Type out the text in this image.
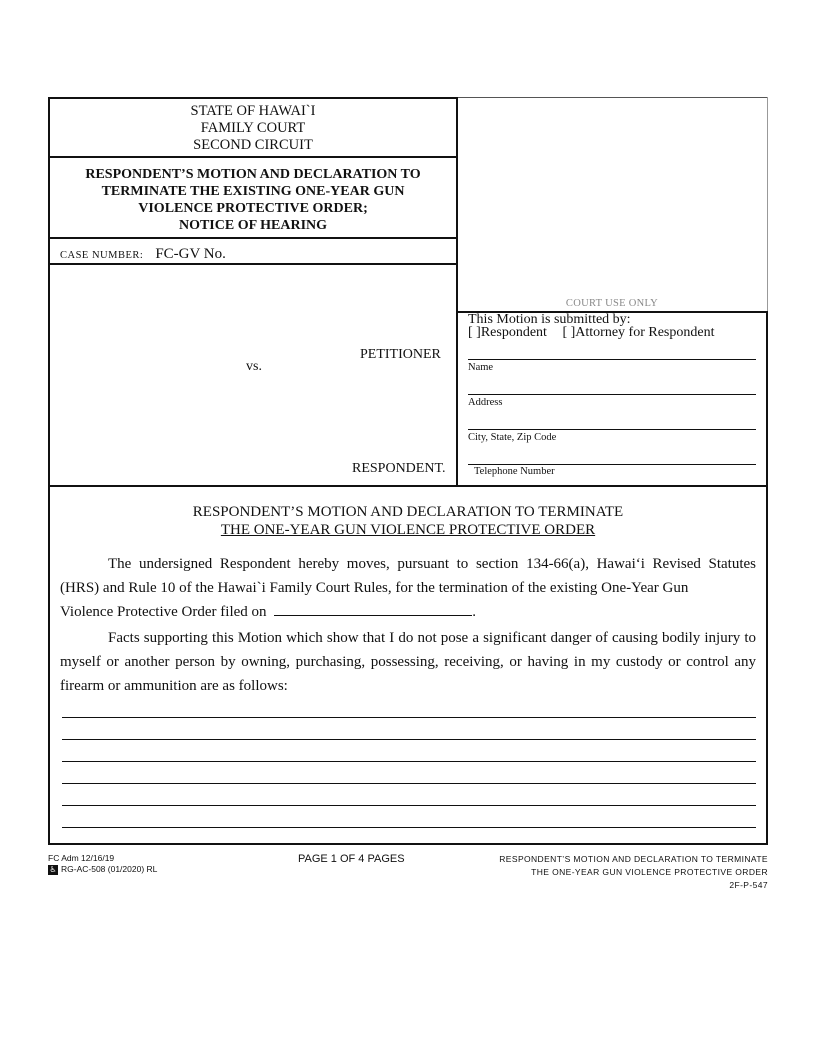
STATE OF HAWAI`I
FAMILY COURT
SECOND CIRCUIT
RESPONDENT’S MOTION AND DECLARATION TO
TERMINATE THE EXISTING ONE-YEAR GUN
VIOLENCE PROTECTIVE ORDER;
NOTICE OF HEARING
CASE NUMBER: FC-GV No.
PETITIONER
vs.
RESPONDENT.
COURT USE ONLY
This Motion is submitted by:
[ ]Respondent [ ]Attorney for Respondent
Name
Address
City, State, Zip Code
Telephone Number
RESPONDENT’S MOTION AND DECLARATION TO TERMINATE
THE ONE-YEAR GUN VIOLENCE PROTECTIVE ORDER
The undersigned Respondent hereby moves, pursuant to section 134-66(a), Hawai‘i Revised Statutes (HRS) and Rule 10 of the Hawai`i Family Court Rules, for the termination of the existing One-Year Gun
Violence Protective Order filed on	.
Facts supporting this Motion which show that I do not pose a significant danger of causing bodily injury to myself or another person by owning, purchasing, possessing, receiving, or having in my custody or control any firearm or ammunition are as follows:
FC Adm 12/16/19
♿ RG-AC-508 (01/2020) RL
PAGE 1 OF 4 PAGES	RESPONDENT’S MOTION AND DECLARATION TO TERMINATE
THE ONE-YEAR GUN VIOLENCE PROTECTIVE ORDER
2F-P-547
